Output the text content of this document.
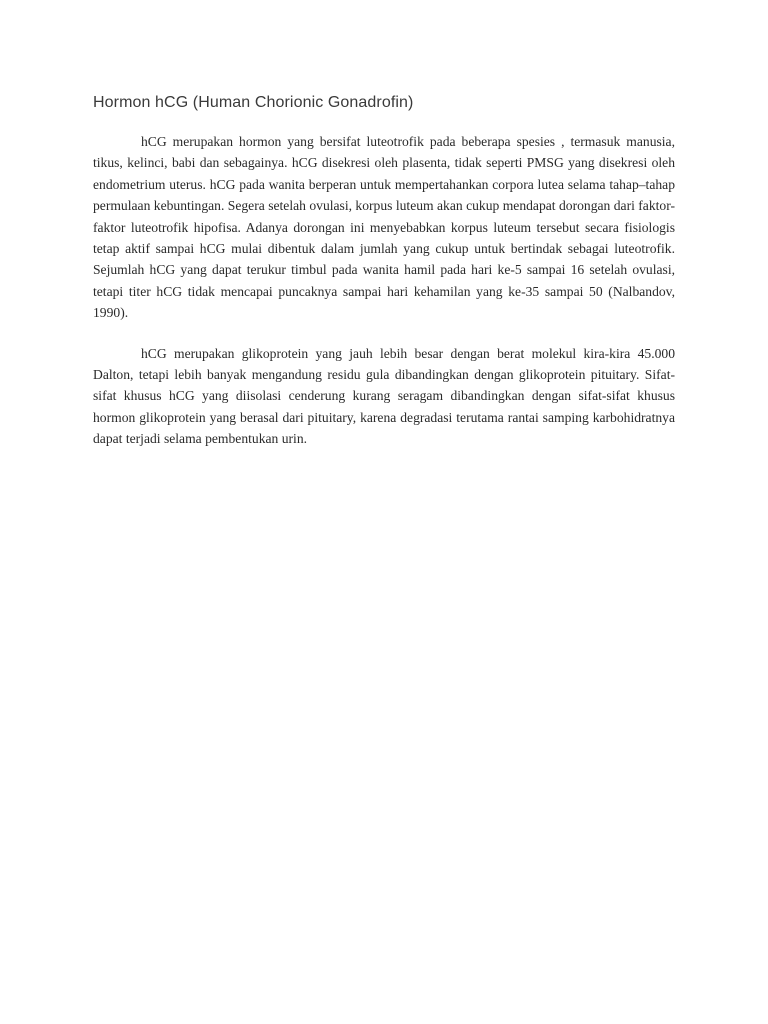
Hormon hCG (Human Chorionic Gonadrofin)

hCG merupakan hormon yang bersifat luteotrofik pada beberapa spesies , termasuk manusia, tikus, kelinci, babi dan sebagainya. hCG disekresi oleh plasenta, tidak seperti PMSG yang disekresi oleh endometrium uterus. hCG pada wanita berperan untuk mempertahankan corpora lutea selama tahap–tahap permulaan kebuntingan. Segera setelah ovulasi, korpus luteum akan cukup mendapat dorongan dari faktor-faktor luteotrofik hipofisa. Adanya dorongan ini menyebabkan korpus luteum tersebut secara fisiologis tetap aktif sampai hCG mulai dibentuk dalam jumlah yang cukup untuk bertindak sebagai luteotrofik. Sejumlah hCG yang dapat terukur timbul pada wanita hamil pada hari ke-5 sampai 16 setelah ovulasi, tetapi titer hCG tidak mencapai puncaknya sampai hari kehamilan yang ke-35 sampai 50 (Nalbandov, 1990).

hCG merupakan glikoprotein yang jauh lebih besar dengan berat molekul kira-kira 45.000 Dalton, tetapi lebih banyak mengandung residu gula dibandingkan dengan glikoprotein pituitary. Sifat-sifat khusus hCG yang diisolasi cenderung kurang seragam dibandingkan dengan sifat-sifat khusus hormon glikoprotein yang berasal dari pituitary, karena degradasi terutama rantai samping karbohidratnya dapat terjadi selama pembentukan urin.
